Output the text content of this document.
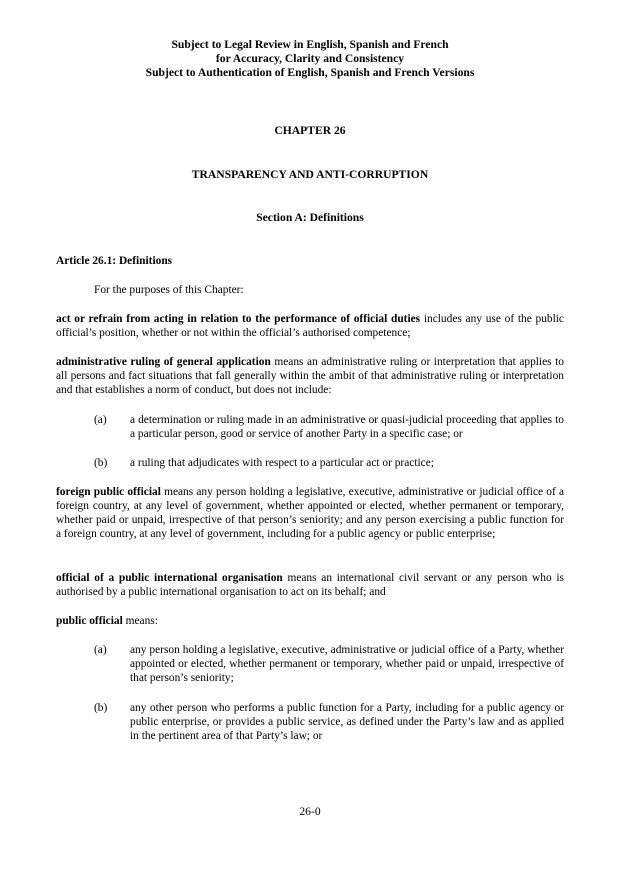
Subject to Legal Review in English, Spanish and French
for Accuracy, Clarity and Consistency
Subject to Authentication of English, Spanish and French Versions
CHAPTER 26
TRANSPARENCY AND ANTI-CORRUPTION
Section A: Definitions
Article 26.1: Definitions
For the purposes of this Chapter:
act or refrain from acting in relation to the performance of official duties includes any use of the public official’s position, whether or not within the official’s authorised competence;
administrative ruling of general application means an administrative ruling or interpretation that applies to all persons and fact situations that fall generally within the ambit of that administrative ruling or interpretation and that establishes a norm of conduct, but does not include:
(a)	a determination or ruling made in an administrative or quasi-judicial proceeding that applies to a particular person, good or service of another Party in a specific case; or
(b)	a ruling that adjudicates with respect to a particular act or practice;
foreign public official means any person holding a legislative, executive, administrative or judicial office of a foreign country, at any level of government, whether appointed or elected, whether permanent or temporary, whether paid or unpaid, irrespective of that person’s seniority; and any person exercising a public function for a foreign country, at any level of government, including for a public agency or public enterprise;
official of a public international organisation means an international civil servant or any person who is authorised by a public international organisation to act on its behalf; and
public official means:
(a)	any person holding a legislative, executive, administrative or judicial office of a Party, whether appointed or elected, whether permanent or temporary, whether paid or unpaid, irrespective of that person’s seniority;
(b)	any other person who performs a public function for a Party, including for a public agency or public enterprise, or provides a public service, as defined under the Party’s law and as applied in the pertinent area of that Party’s law; or
26-0
